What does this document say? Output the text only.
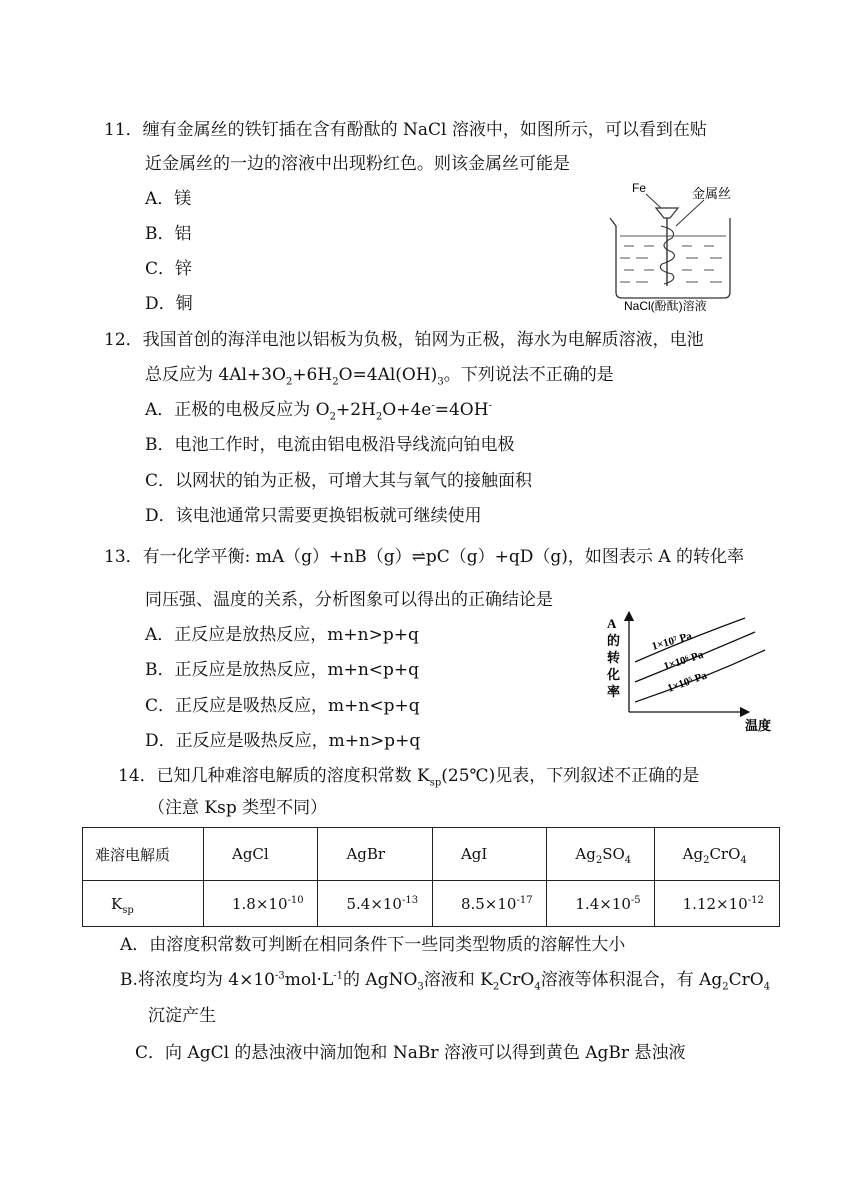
11．缠有金属丝的铁钉插在含有酚酞的 NaCl 溶液中，如图所示，可以看到在贴
近金属丝的一边的溶液中出现粉红色。则该金属丝可能是
A．镁
B．铝
C．锌
D．铜
Fe	金属丝
NaCl(酚酞)溶液
12．我国首创的海洋电池以铝板为负极，铂网为正极，海水为电解质溶液，电池
总反应为 $4Al+3O_2+6H_2O=4Al(OH)_3$。下列说法不正确的是
A．正极的电极反应为 $O_2+2H_2O+4e^-=4OH^-$
B．电池工作时，电流由铝电极沿导线流向铂电极
C．以网状的铂为正极，可增大其与氧气的接触面积
D．该电池通常只需要更换铝板就可继续使用
13．有一化学平衡: mA（g）+nB（g）⇌pC（g）+qD（g)，如图表示 A 的转化率
同压强、温度的关系，分析图象可以得出的正确结论是
A．正反应是放热反应，m+n>p+q
B．正反应是放热反应，m+n<p+q
C．正反应是吸热反应，m+n<p+q
D．正反应是吸热反应，m+n>p+q
A
的
转
化
率
1×10⁷ Pa
1×10⁶ Pa
1×10⁵ Pa
温度
14．已知几种难溶电解质的溶度积常数 $K_{sp}(25℃)$见表，下列叙述不正确的是
（注意 Ksp 类型不同）
难溶电解质	AgCl	AgBr	AgI	$Ag_2SO_4$	$Ag_2CrO_4$
$K_{sp}$	$1.8\times 10^{-10}$	$5.4\times 10^{-13}$	$8.5\times 10^{-17}$	$1.4\times 10^{-5}$	$1.12\times 10^{-12}$
A．由溶度积常数可判断在相同条件下一些同类型物质的溶解性大小
B.将浓度均为 $4\times 10^{-3}mol\cdot L^{-1}$的 AgNO$_3$溶液和 $K_2CrO_4$溶液等体积混合，有 $Ag_2CrO_4$
沉淀产生
C．向 AgCl 的悬浊液中滴加饱和 NaBr 溶液可以得到黄色 AgBr 悬浊液
